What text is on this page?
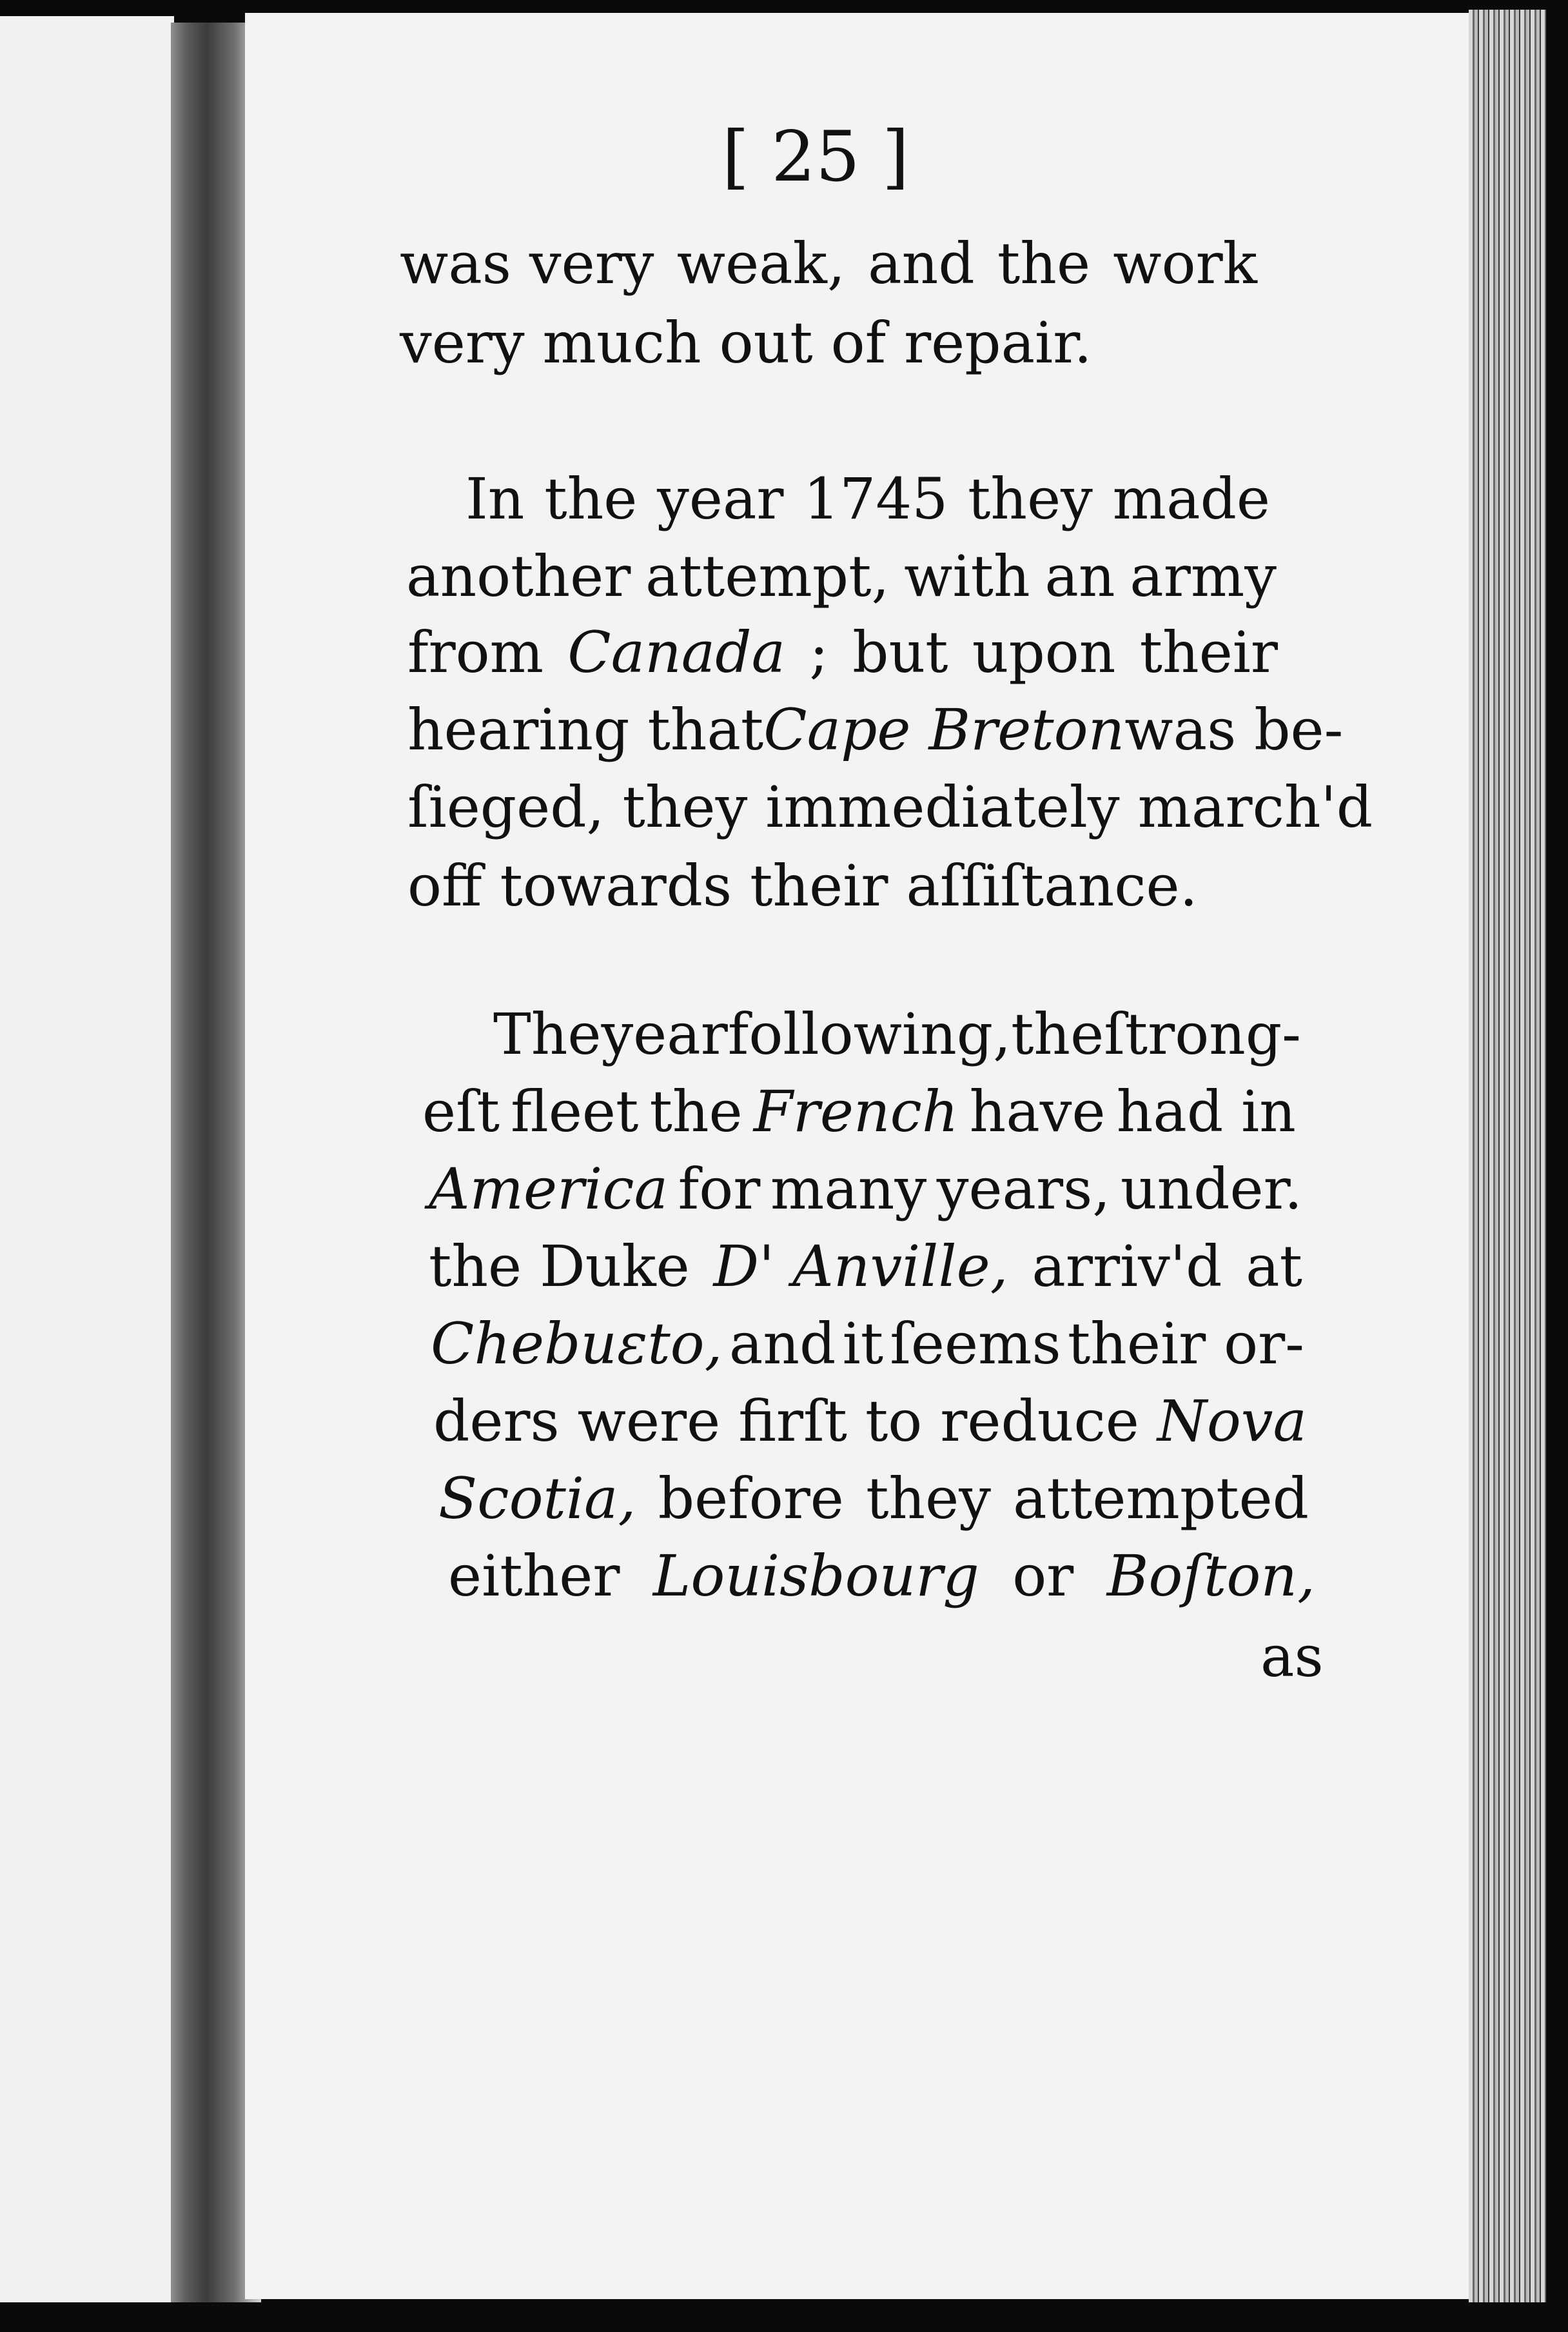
[ 25 ]

was very weak, and the work

very much out of repair.

In the year 1745 they made

another attempt, with an army

from Canada ; but upon their

hearing that Cape Breton was be-

ſieged, they immediately march'd

off towards their aſſiſtance.

The year following, the ſtrong-

eſt fleet the French have had in

America for many years, under.

the Duke D' Anville, arriv'd at

Chebuɛto, and it ſeems their or-

ders were firſt to reduce Nova

Scotia, before they attempted

either Louisbourg or Boſton,

as
